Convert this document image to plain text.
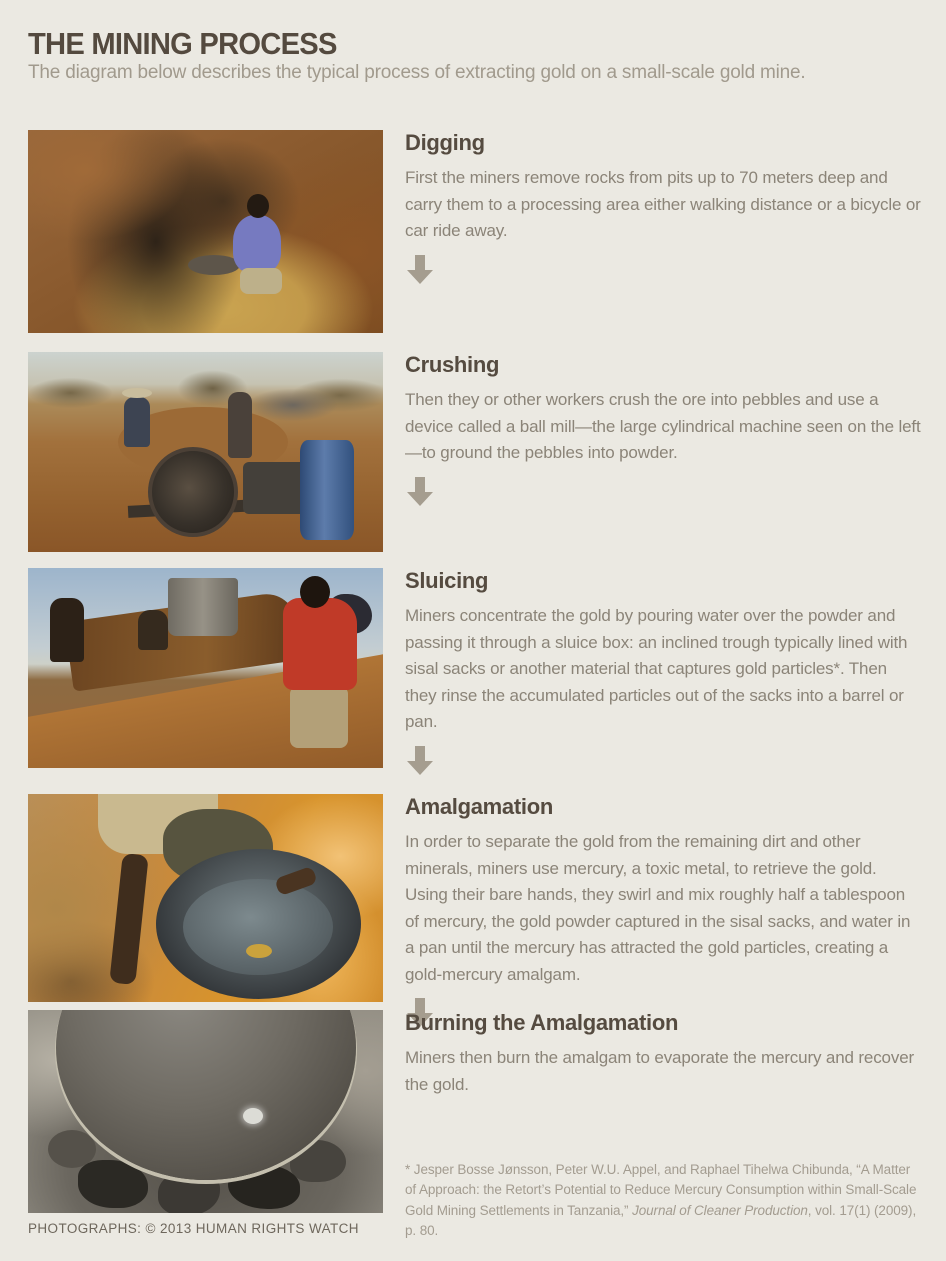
THE MINING PROCESS

The diagram below describes the typical process of extracting gold on a small-scale gold mine.

Digging

First the miners remove rocks from pits up to 70 meters deep and carry them to a processing area either walking distance or a bicycle or car ride away.

Crushing

Then they or other workers crush the ore into pebbles and use a device called a ball mill—the large cylindrical machine seen on the left—to ground the pebbles into powder.

Sluicing

Miners concentrate the gold by pouring water over the powder and passing it through a sluice box: an inclined trough typically lined with sisal sacks or another material that captures gold particles*. Then they rinse the accumulated particles out of the sacks into a barrel or pan.

Amalgamation

In order to separate the gold from the remaining dirt and other minerals, miners use mercury, a toxic metal, to retrieve the gold. Using their bare hands, they swirl and mix roughly half a tablespoon of mercury, the gold powder captured in the sisal sacks, and water in a pan until the mercury has attracted the gold particles, creating a gold-mercury amalgam.

Burning the Amalgamation

Miners then burn the amalgam to evaporate the mercury and recover the gold.

* Jesper Bosse Jønsson, Peter W.U. Appel, and Raphael Tihelwa Chibunda, “A Matter of Approach: the Retort’s Potential to Reduce Mercury Consumption within Small-Scale Gold Mining Settlements in Tanzania,” Journal of Cleaner Production, vol. 17(1) (2009), p. 80.

PHOTOGRAPHS: © 2013 HUMAN RIGHTS WATCH
